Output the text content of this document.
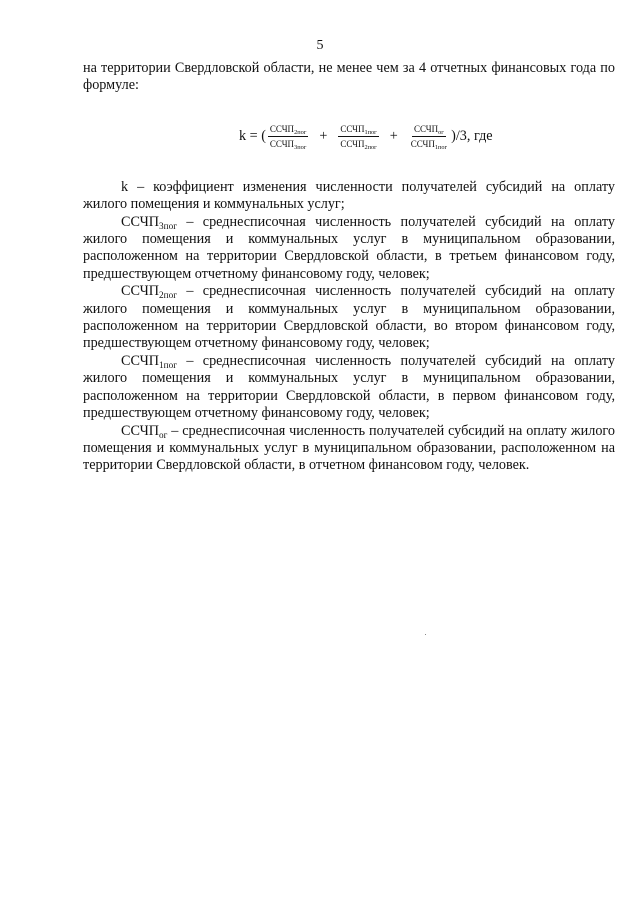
5

на территории Свердловской области, не менее чем за 4 отчетных финансовых года по формуле:

k = ( $\frac{ССЧП_{2пог}}{ССЧП_{3пог}} + \frac{ССЧП_{1пог}}{ССЧП_{2пог}} + \frac{ССЧП_{ог}}{ССЧП_{1пог}} )/3$, где

k – коэффициент изменения численности получателей субсидий на оплату жилого помещения и коммунальных услуг;

$ССЧП_{3пог}$ – среднесписочная численность получателей субсидий на оплату жилого помещения и коммунальных услуг в муниципальном образовании, расположенном на территории Свердловской области, в третьем финансовом году, предшествующем отчетному финансовому году, человек;

$ССЧП_{2пог}$ – среднесписочная численность получателей субсидий на оплату жилого помещения и коммунальных услуг в муниципальном образовании, расположенном на территории Свердловской области, во втором финансовом году, предшествующем отчетному финансовому году, человек;

$ССЧП_{1пог}$ – среднесписочная численность получателей субсидий на оплату жилого помещения и коммунальных услуг в муниципальном образовании, расположенном на территории Свердловской области, в первом финансовом году, предшествующем отчетному финансовому году, человек;

$ССЧП_{ог}$ – среднесписочная численность получателей субсидий на оплату жилого помещения и коммунальных услуг в муниципальном образовании, расположенном на территории Свердловской области, в отчетном финансовом году, человек.
